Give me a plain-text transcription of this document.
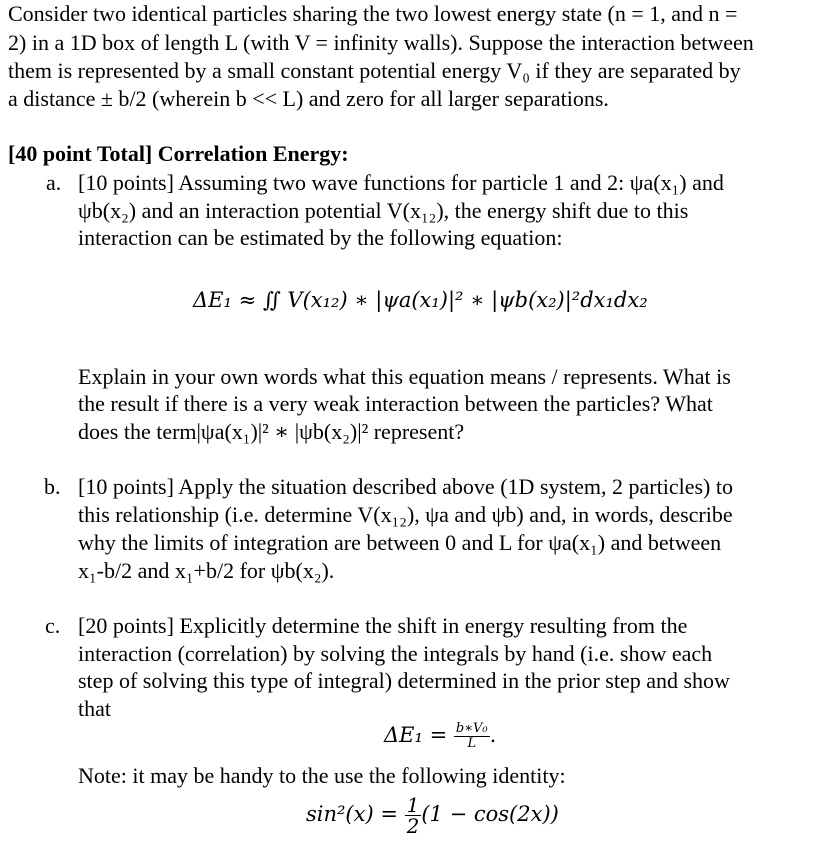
Consider two identical particles sharing the two lowest energy state (n = 1, and n =
2) in a 1D box of length L (with V = infinity walls). Suppose the interaction between
them is represented by a small constant potential energy V₀ if they are separated by
a distance ± b/2 (wherein b << L) and zero for all larger separations.
[40 point Total] Correlation Energy:
a. [10 points] Assuming two wave functions for particle 1 and 2: ψa(x₁) and
ψb(x₂) and an interaction potential V(x₁₂), the energy shift due to this
interaction can be estimated by the following equation:
ΔE₁ ≈ ∬ V(x₁₂) ∗ |ψa(x₁)|² ∗ |ψb(x₂)|²dx₁dx₂
Explain in your own words what this equation means / represents. What is
the result if there is a very weak interaction between the particles? What
does the term|ψa(x₁)|² ∗ |ψb(x₂)|² represent?
b. [10 points] Apply the situation described above (1D system, 2 particles) to
this relationship (i.e. determine V(x₁₂), ψa and ψb) and, in words, describe
why the limits of integration are between 0 and L for ψa(x₁) and between
x₁-b/2 and x₁+b/2 for ψb(x₂).
c. [20 points] Explicitly determine the shift in energy resulting from the
interaction (correlation) by solving the integrals by hand (i.e. show each
step of solving this type of integral) determined in the prior step and show
that
$\Delta E_1 = \frac{\text{b∗V₀}}{L}$ .
Note: it may be handy to the use the following identity:
$\sin^2(x) = \frac{1}{2} (1 - \cos(2x))$
